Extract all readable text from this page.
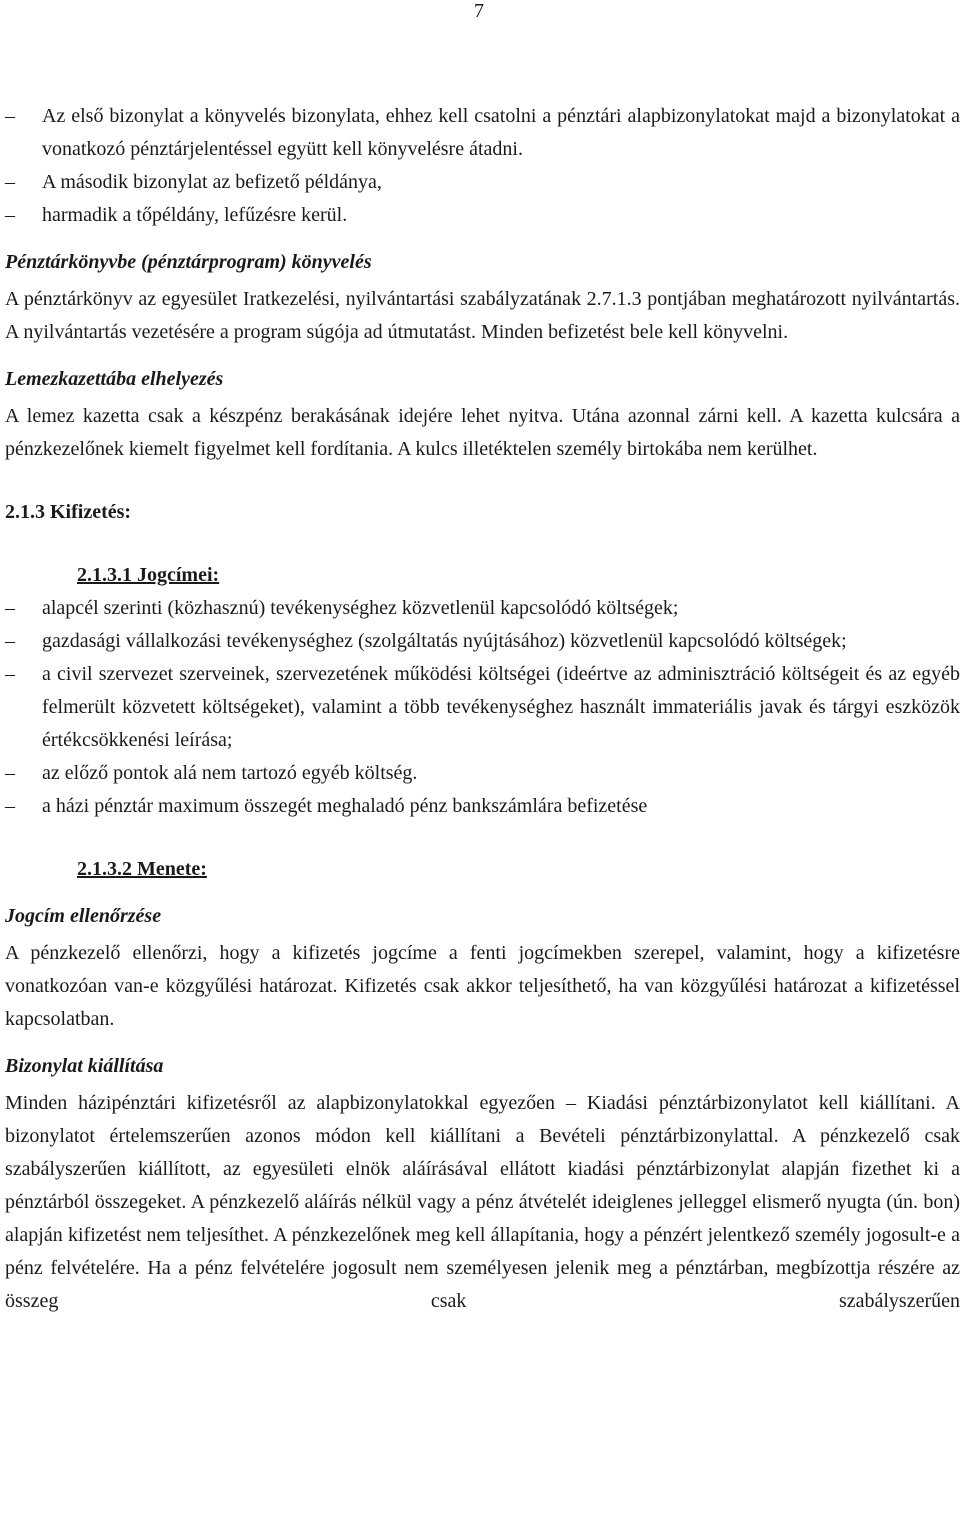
7
– Az első bizonylat a könyvelés bizonylata, ehhez kell csatolni a pénztári alapbizonylatokat majd a bizonylatokat a vonatkozó pénztárjelentéssel együtt kell könyvelésre átadni.
– A második bizonylat az befizető példánya,
– harmadik a tőpéldány, lefűzésre kerül.

Pénztárkönyvbe (pénztárprogram) könyvelés

A pénztárkönyv az egyesület Iratkezelési, nyilvántartási szabályzatának 2.7.1.3 pontjában meghatározott nyilvántartás. A nyilvántartás vezetésére a program súgója ad útmutatást. Minden befizetést bele kell könyvelni.

Lemezkazettába elhelyezés

A lemez kazetta csak a készpénz berakásának idejére lehet nyitva. Utána azonnal zárni kell. A kazetta kulcsára a pénzkezelőnek kiemelt figyelmet kell fordítania. A kulcs illetéktelen személy birtokába nem kerülhet.

2.1.3 Kifizetés:

2.1.3.1 Jogcímei:

– alapcél szerinti (közhasznú) tevékenységhez közvetlenül kapcsolódó költségek;
– gazdasági vállalkozási tevékenységhez (szolgáltatás nyújtásához) közvetlenül kapcsolódó költségek;
– a civil szervezet szerveinek, szervezetének működési költségei (ideértve az adminisztráció költségeit és az egyéb felmerült közvetett költségeket), valamint a több tevékenységhez használt immateriális javak és tárgyi eszközök értékcsökkenési leírása;
– az előző pontok alá nem tartozó egyéb költség.
– a házi pénztár maximum összegét meghaladó pénz bankszámlára befizetése

2.1.3.2 Menete:

Jogcím ellenőrzése

A pénzkezelő ellenőrzi, hogy a kifizetés jogcíme a fenti jogcímekben szerepel, valamint, hogy a kifizetésre vonatkozóan van-e közgyűlési határozat. Kifizetés csak akkor teljesíthető, ha van közgyűlési határozat a kifizetéssel kapcsolatban.

Bizonylat kiállítása

Minden házipénztári kifizetésről az alapbizonylatokkal egyezően – Kiadási pénztárbizonylatot kell kiállítani. A bizonylatot értelemszerűen azonos módon kell kiállítani a Bevételi pénztárbizonylattal. A pénzkezelő csak szabályszerűen kiállított, az egyesületi elnök aláírásával ellátott kiadási pénztárbizonylat alapján fizethet ki a pénztárból összegeket. A pénzkezelő aláírás nélkül vagy a pénz átvételét ideiglenes jelleggel elismerő nyugta (ún. bon) alapján kifizetést nem teljesíthet. A pénzkezelőnek meg kell állapítania, hogy a pénzért jelentkező személy jogosult-e a pénz felvételére. Ha a pénz felvételére jogosult nem személyesen jelenik meg a pénztárban, megbízottja részére az összeg csak szabályszerűen
